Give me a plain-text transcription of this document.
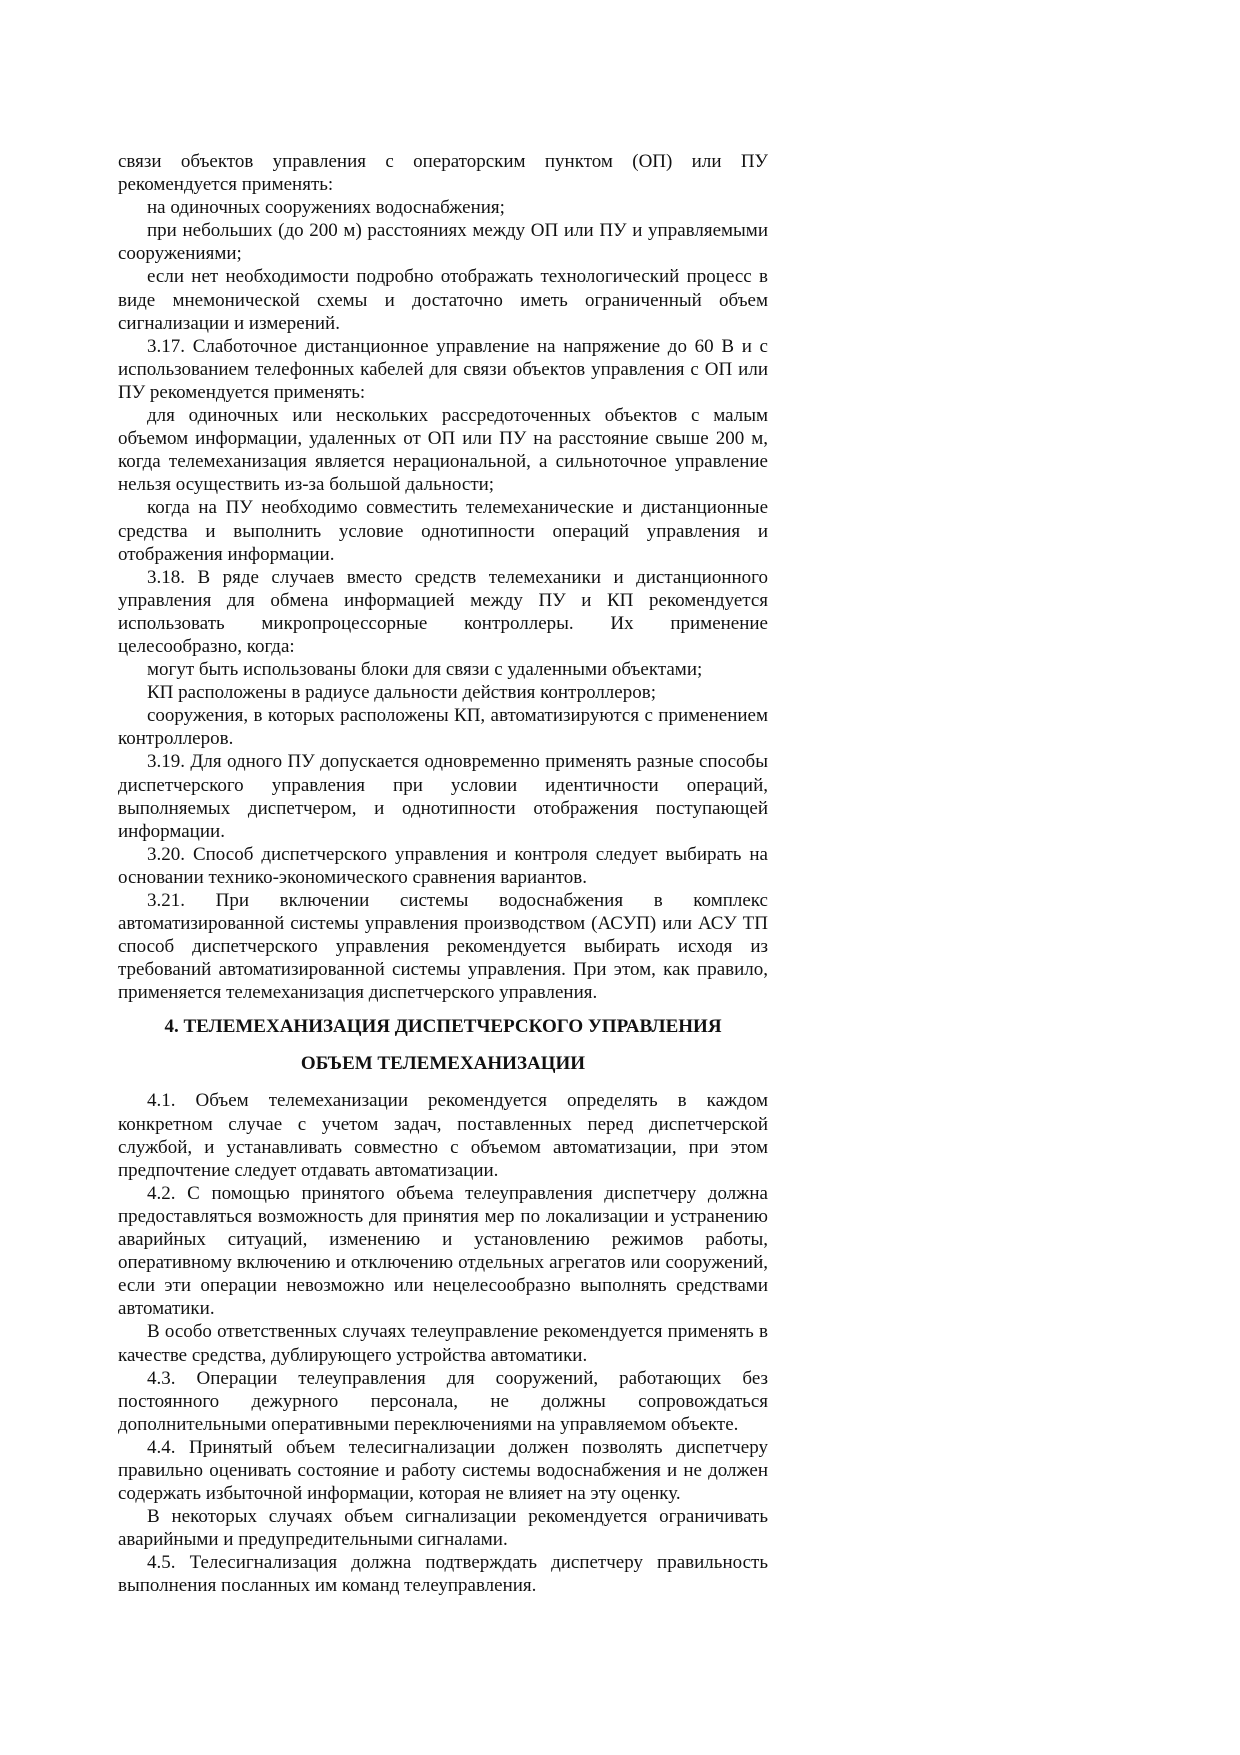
связи объектов управления с операторским пунктом (ОП) или ПУ рекомендуется применять:

на одиночных сооружениях водоснабжения;

при небольших (до 200 м) расстояниях между ОП или ПУ и управляемыми сооружениями;

если нет необходимости подробно отображать технологический процесс в виде мнемонической схемы и достаточно иметь ограниченный объем сигнализации и измерений.

3.17. Слаботочное дистанционное управление на напряжение до 60 В и с использованием телефонных кабелей для связи объектов управления с ОП или ПУ рекомендуется применять:

для одиночных или нескольких рассредоточенных объектов с малым объемом информации, удаленных от ОП или ПУ на расстояние свыше 200 м, когда телемеханизация является нерациональной, а сильноточное управление нельзя осуществить из-за большой дальности;

когда на ПУ необходимо совместить телемеханические и дистанционные средства и выполнить условие однотипности операций управления и отображения информации.

3.18. В ряде случаев вместо средств телемеханики и дистанционного управления для обмена информацией между ПУ и КП рекомендуется использовать микропроцессорные контроллеры. Их применение целесообразно, когда:

могут быть использованы блоки для связи с удаленными объектами;

КП расположены в радиусе дальности действия контроллеров;

сооружения, в которых расположены КП, автоматизируются с применением контроллеров.

3.19. Для одного ПУ допускается одновременно применять разные способы диспетчерского управления при условии идентичности операций, выполняемых диспетчером, и однотипности отображения поступающей информации.

3.20. Способ диспетчерского управления и контроля следует выбирать на основании технико-экономического сравнения вариантов.

3.21. При включении системы водоснабжения в комплекс автоматизированной системы управления производством (АСУП) или АСУ ТП способ диспетчерского управления рекомендуется выбирать исходя из требований автоматизированной системы управления. При этом, как правило, применяется телемеханизация диспетчерского управления.

4. ТЕЛЕМЕХАНИЗАЦИЯ ДИСПЕТЧЕРСКОГО УПРАВЛЕНИЯ

ОБЪЕМ ТЕЛЕМЕХАНИЗАЦИИ

4.1. Объем телемеханизации рекомендуется определять в каждом конкретном случае с учетом задач, поставленных перед диспетчерской службой, и устанавливать совместно с объемом автоматизации, при этом предпочтение следует отдавать автоматизации.

4.2. С помощью принятого объема телеуправления диспетчеру должна предоставляться возможность для принятия мер по локализации и устранению аварийных ситуаций, изменению и установлению режимов работы, оперативному включению и отключению отдельных агрегатов или сооружений, если эти операции невозможно или нецелесообразно выполнять средствами автоматики.

В особо ответственных случаях телеуправление рекомендуется применять в качестве средства, дублирующего устройства автоматики.

4.3. Операции телеуправления для сооружений, работающих без постоянного дежурного персонала, не должны сопровождаться дополнительными оперативными переключениями на управляемом объекте.

4.4. Принятый объем телесигнализации должен позволять диспетчеру правильно оценивать состояние и работу системы водоснабжения и не должен содержать избыточной информации, которая не влияет на эту оценку.

В некоторых случаях объем сигнализации рекомендуется ограничивать аварийными и предупредительными сигналами.

4.5. Телесигнализация должна подтверждать диспетчеру правильность выполнения посланных им команд телеуправления.
